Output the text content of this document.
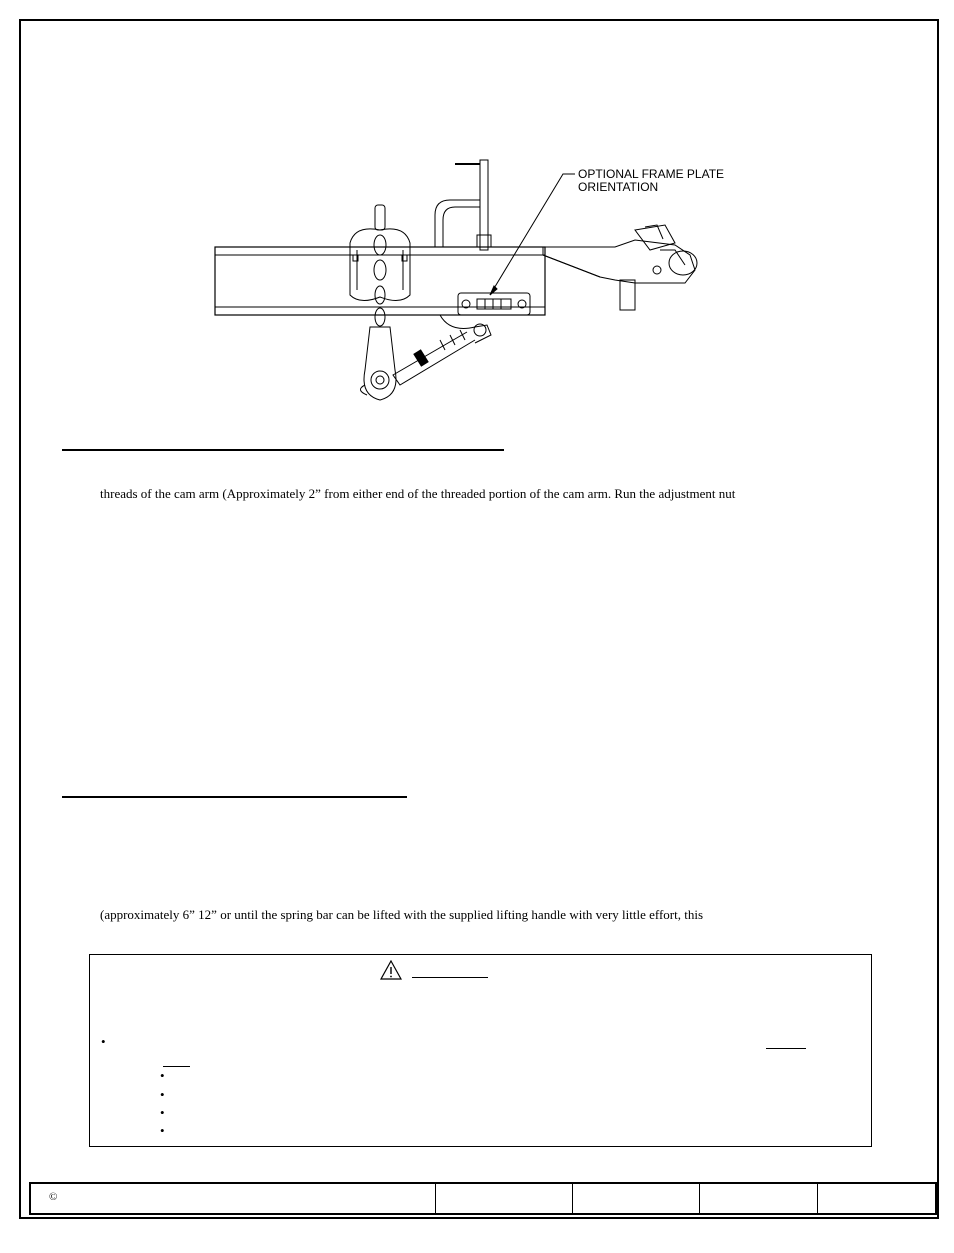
OPTIONAL FRAME PLATE
ORIENTATION
threads of the cam arm (Approximately 2” from either end of the threaded portion of the cam arm. Run the adjustment nut
(approximately 6” 12” or until the spring bar can be lifted with the supplied lifting handle with very little effort, this
•
•
•
•
•
©
